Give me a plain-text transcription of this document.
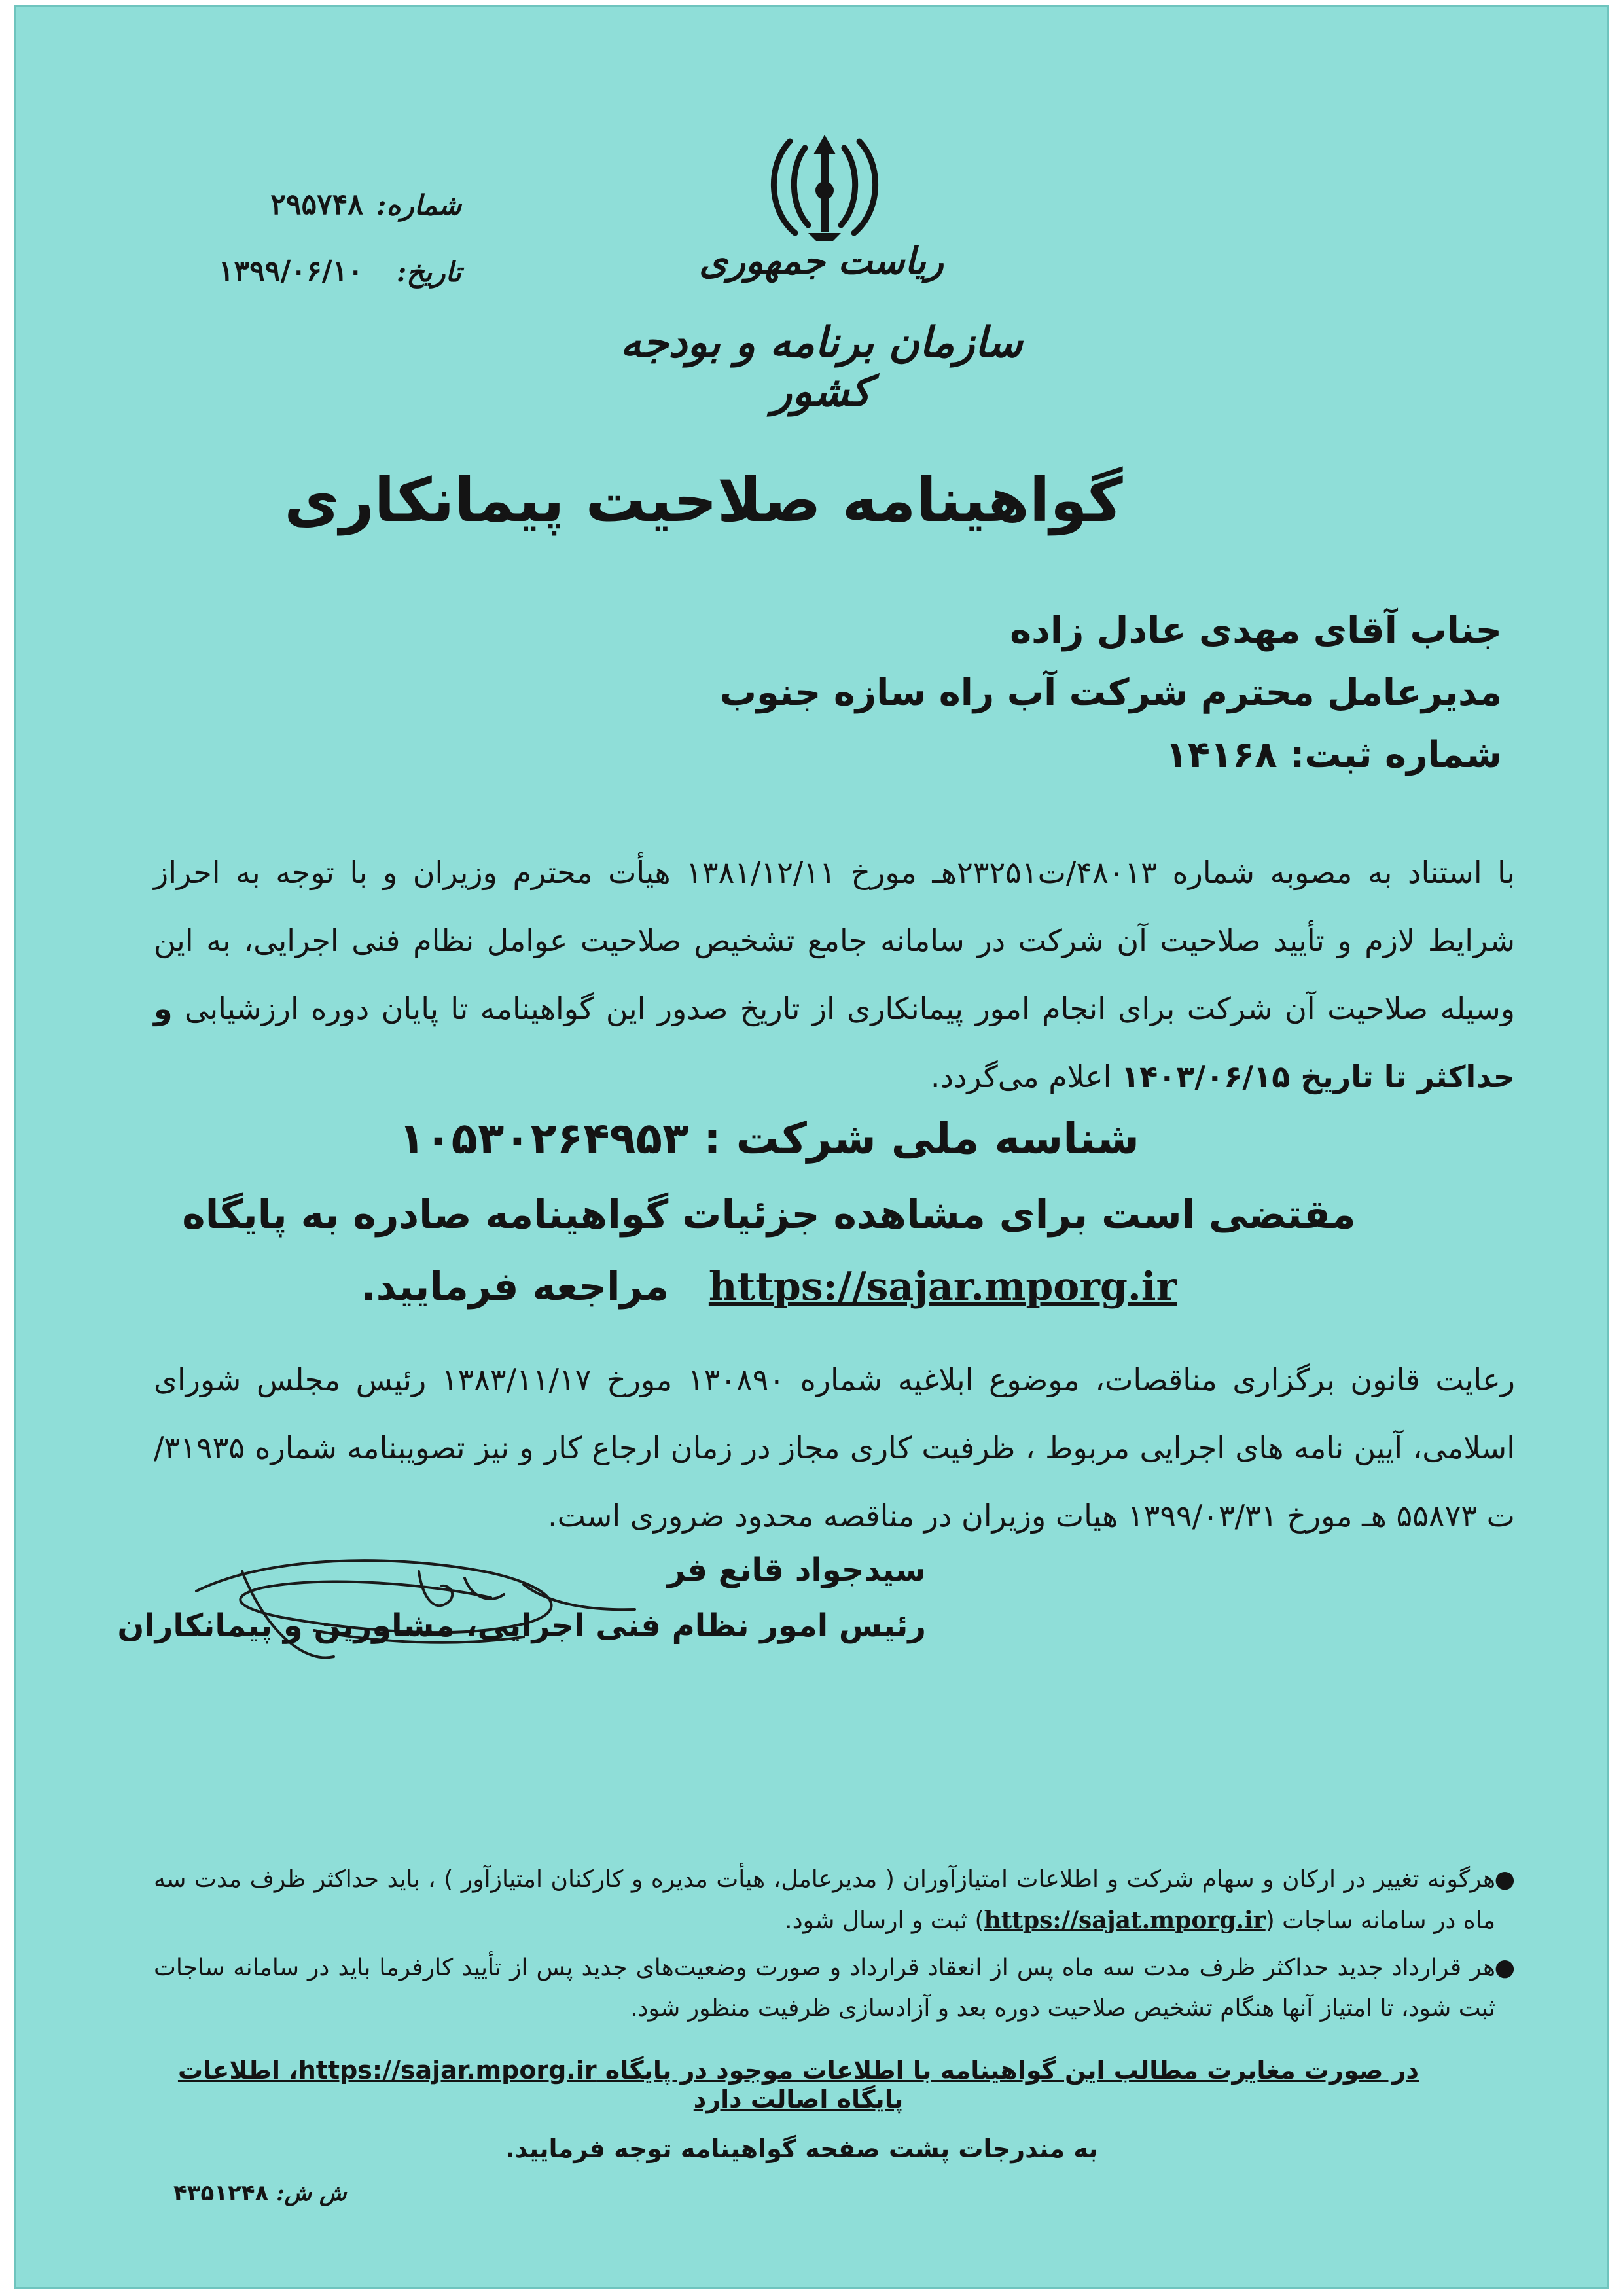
ریاست جمهوری
سازمان برنامه و بودجه کشور
شماره:
۲۹۵۷۴۸
تاریخ:
۱۳۹۹/۰۶/۱۰
گواهینامه صلاحیت پیمانکاری
جناب آقای مهدی عادل زاده
مدیرعامل محترم شرکت آب راه سازه جنوب
شماره ثبت: ۱۴۱۶۸
با استناد به مصوبه شماره ۴۸۰۱۳/ت۲۳۲۵۱هـ مورخ ۱۳۸۱/۱۲/۱۱ هیأت محترم وزیران و با توجه به احراز شرایط لازم و تأیید صلاحیت آن شرکت در سامانه جامع تشخیص صلاحیت عوامل نظام فنی اجرایی، به این وسیله صلاحیت آن شرکت برای انجام امور پیمانکاری از تاریخ صدور این گواهینامه تا پایان دوره ارزشیابی و حداکثر تا تاریخ ۱۴۰۳/۰۶/۱۵ اعلام می‌گردد.
شناسه ملی شرکت : ۱۰۵۳۰۲۶۴۹۵۳
مقتضی است برای مشاهده جزئیات گواهینامه صادره به پایگاه
https://sajar.mporg.ir مراجعه فرمایید.
رعایت قانون برگزاری مناقصات، موضوع ابلاغیه شماره ۱۳۰۸۹۰ مورخ ۱۳۸۳/۱۱/۱۷ رئیس مجلس شورای اسلامی، آیین نامه های اجرایی مربوط ، ظرفیت کاری مجاز در زمان ارجاع کار و نیز تصویبنامه شماره ۳۱۹۳۵/ت ۵۵۸۷۳ هـ مورخ ۱۳۹۹/۰۳/۳۱ هیات وزیران در مناقصه محدود ضروری است.
سیدجواد قانع فر
رئیس امور نظام فنی اجرایی، مشاورین و پیمانکاران
●
هرگونه تغییر در ارکان و سهام شرکت و اطلاعات امتیازآوران ( مدیرعامل، هیأت مدیره و کارکنان امتیازآور ) ، باید حداکثر ظرف مدت سه ماه در سامانه ساجات (https://sajat.mporg.ir) ثبت و ارسال شود.
●
هر قرارداد جدید حداکثر ظرف مدت سه ماه پس از انعقاد قرارداد و صورت وضعیت‌های جدید پس از تأیید کارفرما باید در سامانه ساجات ثبت شود، تا امتیاز آنها هنگام تشخیص صلاحیت دوره بعد و آزادسازی ظرفیت منظور شود.
در صورت مغایرت مطالب این گواهینامه با اطلاعات موجود در پایگاه https://sajar.mporg.ir، اطلاعات پایگاه اصالت دارد
به مندرجات پشت صفحه گواهینامه توجه فرمایید.
ش ش: ۴۳۵۱۲۴۸
